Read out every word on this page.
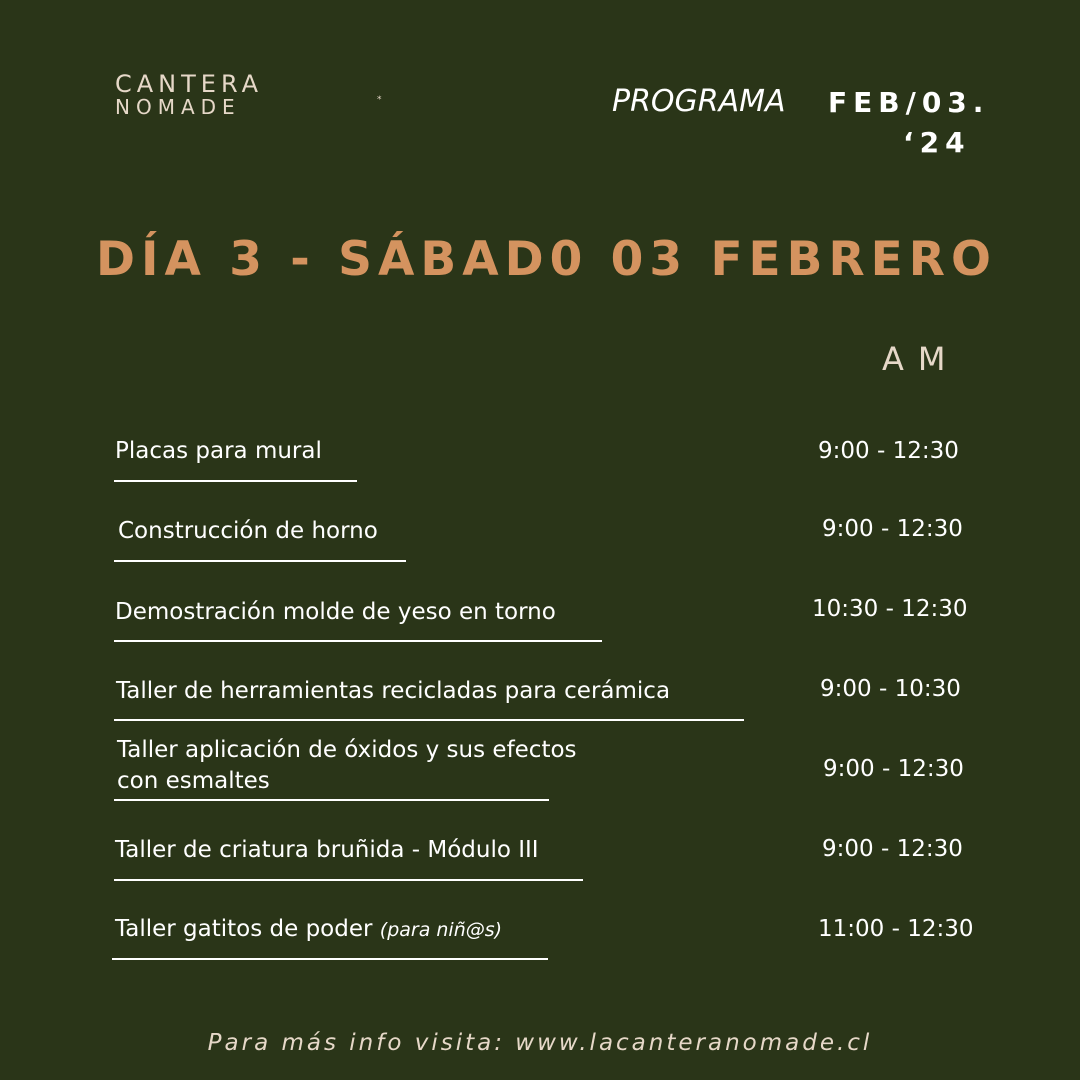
CANTERA
NOMADE	*	PROGRAMA FEB/03.
‘24
DÍA 3 - SÁBAD0 03 FEBRERO
AM
Placas para mural	9:00 - 12:30
Construcción de horno	9:00 - 12:30
Demostración molde de yeso en torno	10:30 - 12:30
Taller de herramientas recicladas para cerámica	9:00 - 10:30
Taller aplicación de óxidos y sus efectos
con esmaltes	9:00 - 12:30
Taller de criatura bruñida - Módulo III	9:00 - 12:30
Taller gatitos de poder (para niñ@s)	11:00 - 12:30
Para más info visita: www.lacanteranomade.cl
